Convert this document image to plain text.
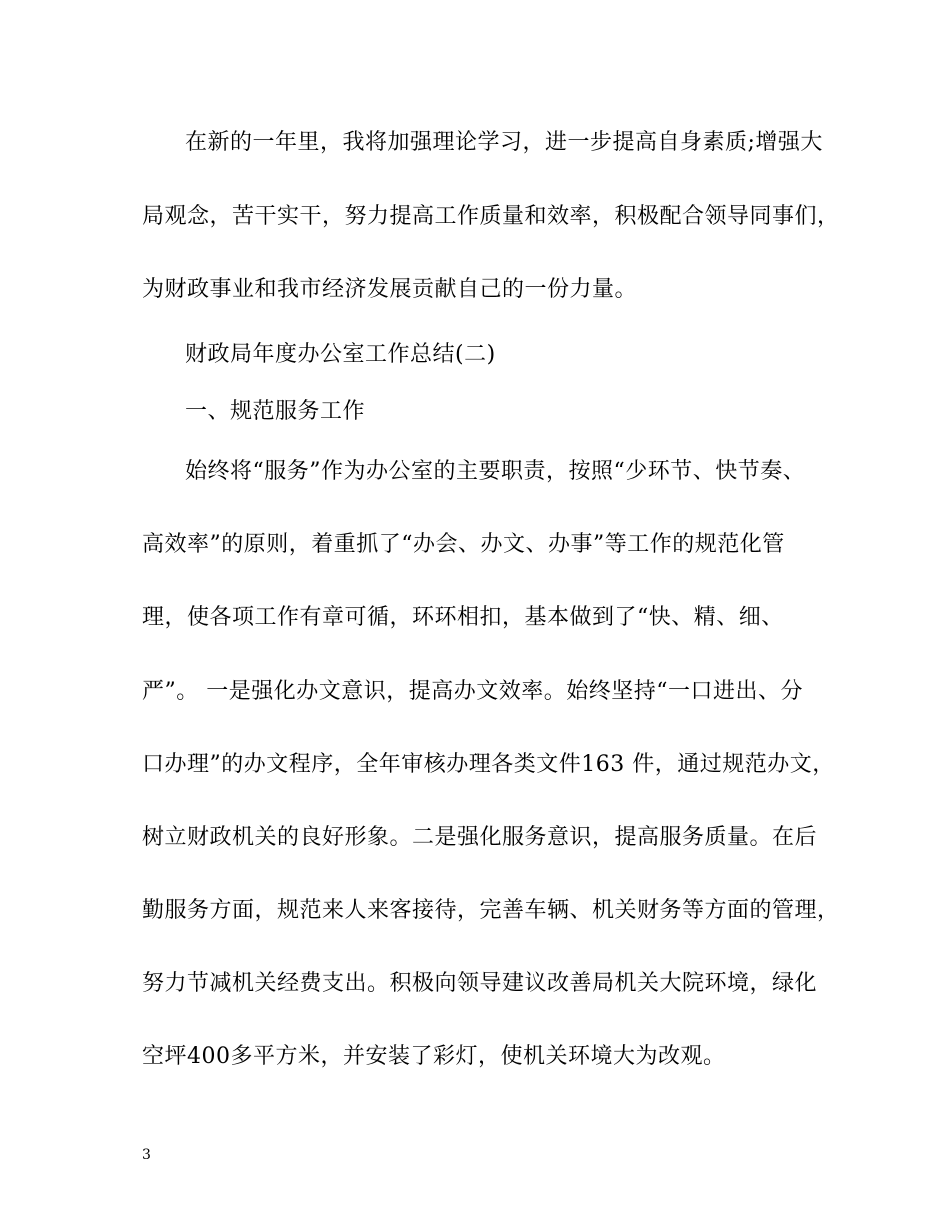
在新的一年里，我将加强理论学习，进一步提高自身素质;增强大
局观念，苦干实干，努力提高工作质量和效率，积极配合领导同事们，
为财政事业和我市经济发展贡献自己的一份力量。
财政局年度办公室工作总结(二)
一、规范服务工作
始终将“服务”作为办公室的主要职责，按照“少环节、快节奏、
高效率”的原则，着重抓了“办会、办文、办事”等工作的规范化管
理，使各项工作有章可循，环环相扣，基本做到了“快、精、细、
严”。 一是强化办文意识，提高办文效率。始终坚持“一口进出、分
口办理”的办文程序，全年审核办理各类文件163 件，通过规范办文，
树立财政机关的良好形象。二是强化服务意识，提高服务质量。在后
勤服务方面，规范来人来客接待，完善车辆、机关财务等方面的管理，
努力节减机关经费支出。积极向领导建议改善局机关大院环境，绿化
空坪400多平方米，并安装了彩灯，使机关环境大为改观。
3
